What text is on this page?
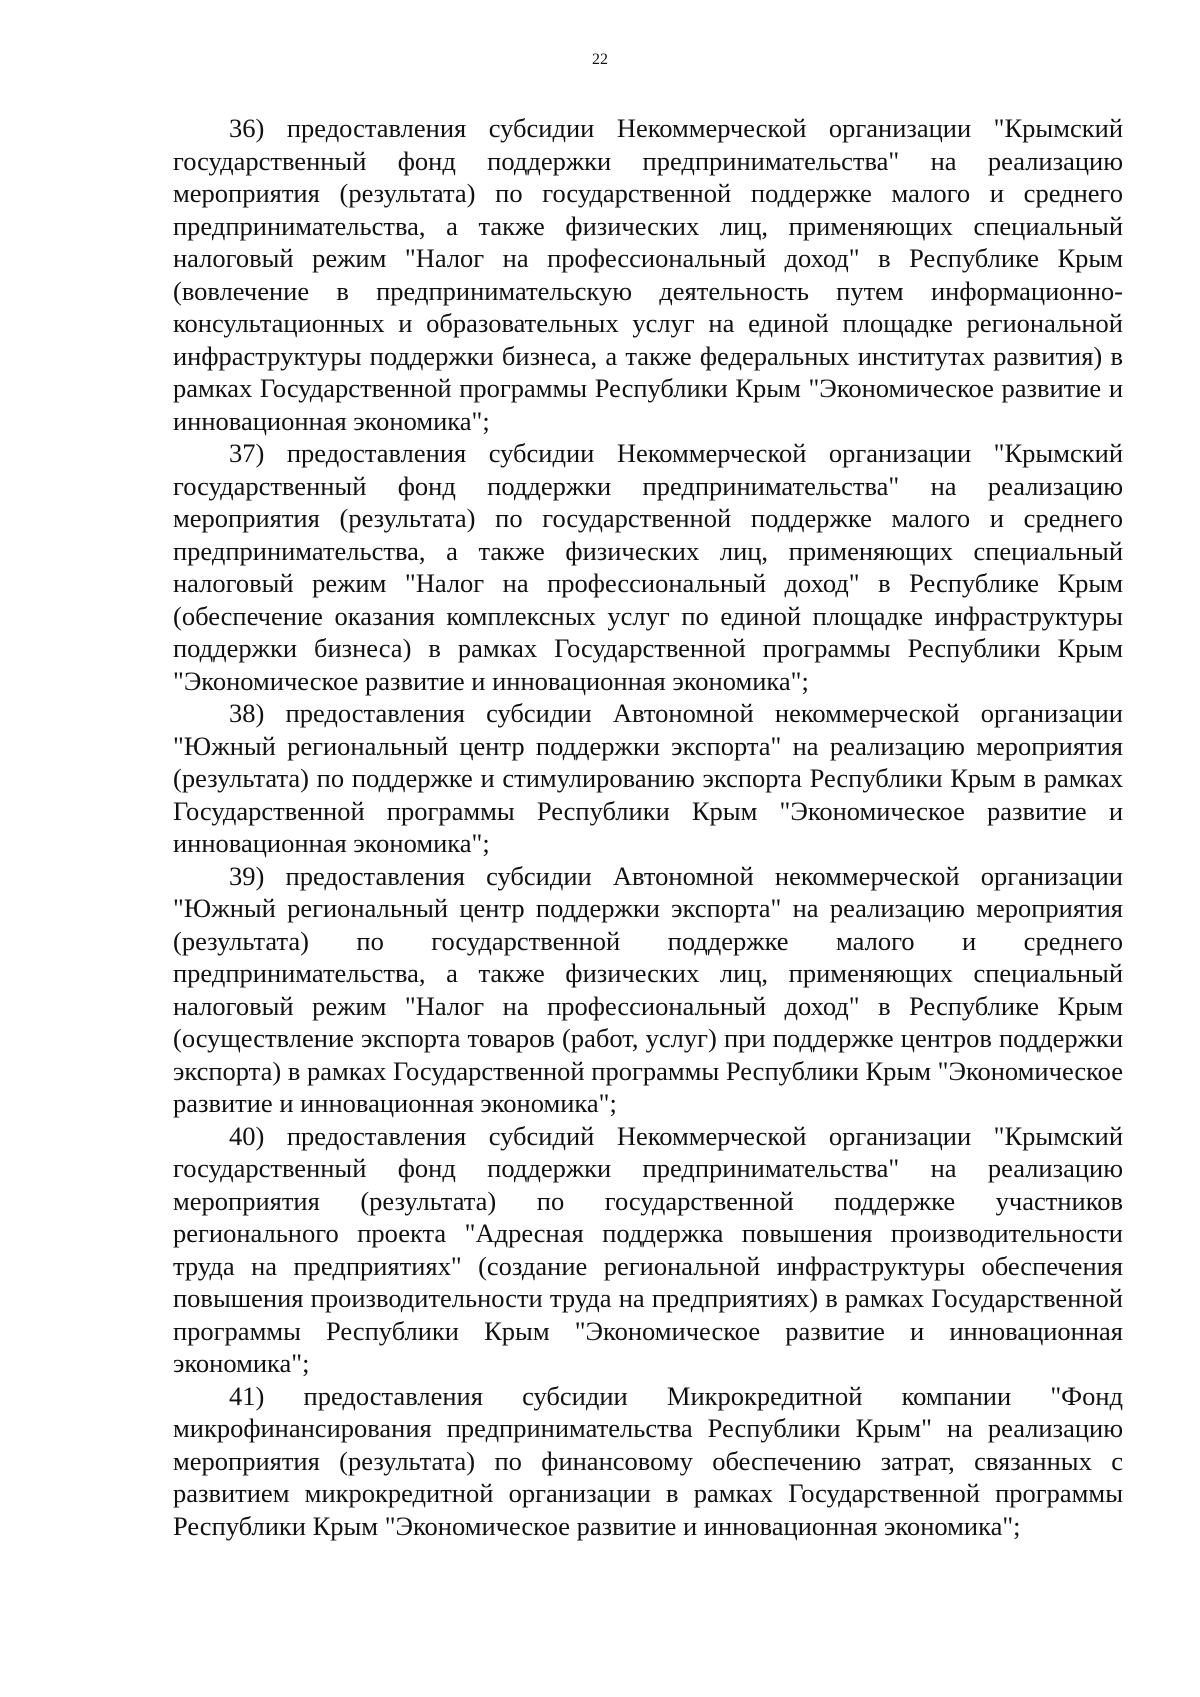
22

36) предоставления субсидии Некоммерческой организации "Крымский государственный фонд поддержки предпринимательства" на реализацию мероприятия (результата) по государственной поддержке малого и среднего предпринимательства, а также физических лиц, применяющих специальный налоговый режим "Налог на профессиональный доход" в Республике Крым (вовлечение в предпринимательскую деятельность путем информационно-консультационных и образовательных услуг на единой площадке региональной инфраструктуры поддержки бизнеса, а также федеральных институтах развития) в рамках Государственной программы Республики Крым "Экономическое развитие и инновационная экономика";

37) предоставления субсидии Некоммерческой организации "Крымский государственный фонд поддержки предпринимательства" на реализацию мероприятия (результата) по государственной поддержке малого и среднего предпринимательства, а также физических лиц, применяющих специальный налоговый режим "Налог на профессиональный доход" в Республике Крым (обеспечение оказания комплексных услуг по единой площадке инфраструктуры поддержки бизнеса) в рамках Государственной программы Республики Крым "Экономическое развитие и инновационная экономика";

38) предоставления субсидии Автономной некоммерческой организации "Южный региональный центр поддержки экспорта" на реализацию мероприятия (результата) по поддержке и стимулированию экспорта Республики Крым в рамках Государственной программы Республики Крым "Экономическое развитие и инновационная экономика";

39) предоставления субсидии Автономной некоммерческой организации "Южный региональный центр поддержки экспорта" на реализацию мероприятия (результата) по государственной поддержке малого и среднего предпринимательства, а также физических лиц, применяющих специальный налоговый режим "Налог на профессиональный доход" в Республике Крым (осуществление экспорта товаров (работ, услуг) при поддержке центров поддержки экспорта) в рамках Государственной программы Республики Крым "Экономическое развитие и инновационная экономика";

40) предоставления субсидий Некоммерческой организации "Крымский государственный фонд поддержки предпринимательства" на реализацию мероприятия (результата) по государственной поддержке участников регионального проекта "Адресная поддержка повышения производительности труда на предприятиях" (создание региональной инфраструктуры обеспечения повышения производительности труда на предприятиях) в рамках Государственной программы Республики Крым "Экономическое развитие и инновационная экономика";

41) предоставления субсидии Микрокредитной компании "Фонд микрофинансирования предпринимательства Республики Крым" на реализацию мероприятия (результата) по финансовому обеспечению затрат, связанных с развитием микрокредитной организации в рамках Государственной программы Республики Крым "Экономическое развитие и инновационная экономика";
